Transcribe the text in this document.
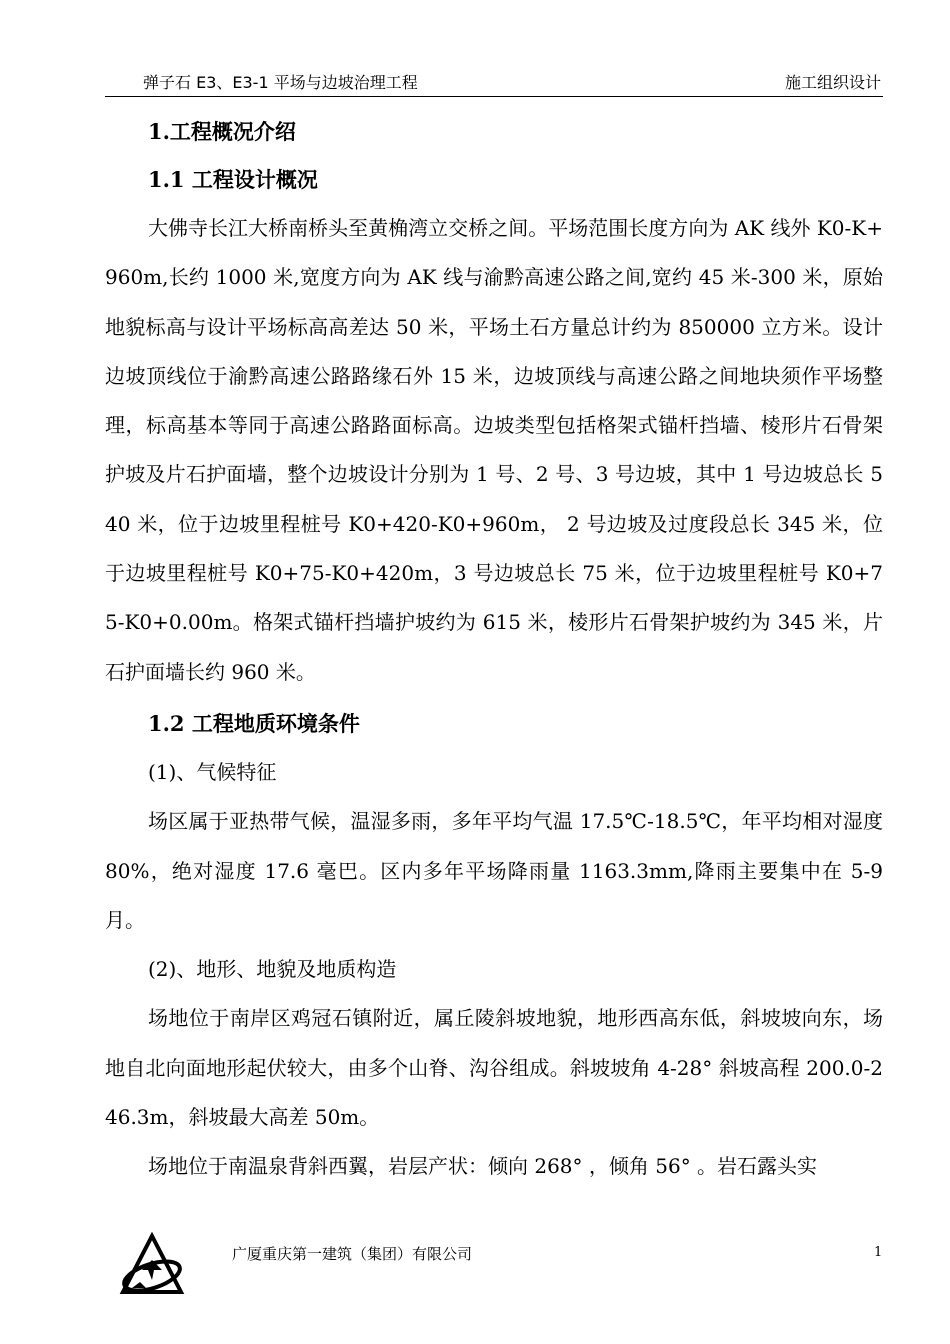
弹子石 E3、E3-1 平场与边坡治理工程	施工组织设计
1.工程概况介绍
1.1 工程设计概况

大佛寺长江大桥南桥头至黄桷湾立交桥之间。平场范围长度方向为 AK 线外 K0-K+960m,长约 1000 米,宽度方向为 AK 线与渝黔高速公路之间,宽约 45 米-300 米，原始地貌标高与设计平场标高高差达 50 米，平场土石方量总计约为 850000 立方米。设计边坡顶线位于渝黔高速公路路缘石外 15 米，边坡顶线与高速公路之间地块须作平场整理，标高基本等同于高速公路路面标高。边坡类型包括格架式锚杆挡墙、棱形片石骨架护坡及片石护面墙，整个边坡设计分别为 1 号、2 号、3 号边坡，其中 1 号边坡总长 540 米，位于边坡里程桩号 K0+420-K0+960m， 2 号边坡及过度段总长 345 米，位于边坡里程桩号 K0+75-K0+420m，3 号边坡总长 75 米，位于边坡里程桩号 K0+75-K0+0.00m。格架式锚杆挡墙护坡约为 615 米，棱形片石骨架护坡约为 345 米，片石护面墙长约 960 米。

1.2 工程地质环境条件

(1)、气候特征

场区属于亚热带气候，温湿多雨，多年平均气温 17.5℃-18.5℃，年平均相对湿度 80%，绝对湿度 17.6 毫巴。区内多年平场降雨量 1163.3mm,降雨主要集中在 5-9 月。

(2)、地形、地貌及地质构造

场地位于南岸区鸡冠石镇附近，属丘陵斜坡地貌，地形西高东低，斜坡坡向东，场地自北向面地形起伏较大，由多个山脊、沟谷组成。斜坡坡角 4-28° 斜坡高程 200.0-246.3m，斜坡最大高差 50m。

场地位于南温泉背斜西翼，岩层产状：倾向 268° ，倾角 56° 。岩石露头实

广厦重庆第一建筑（集团）有限公司	1
